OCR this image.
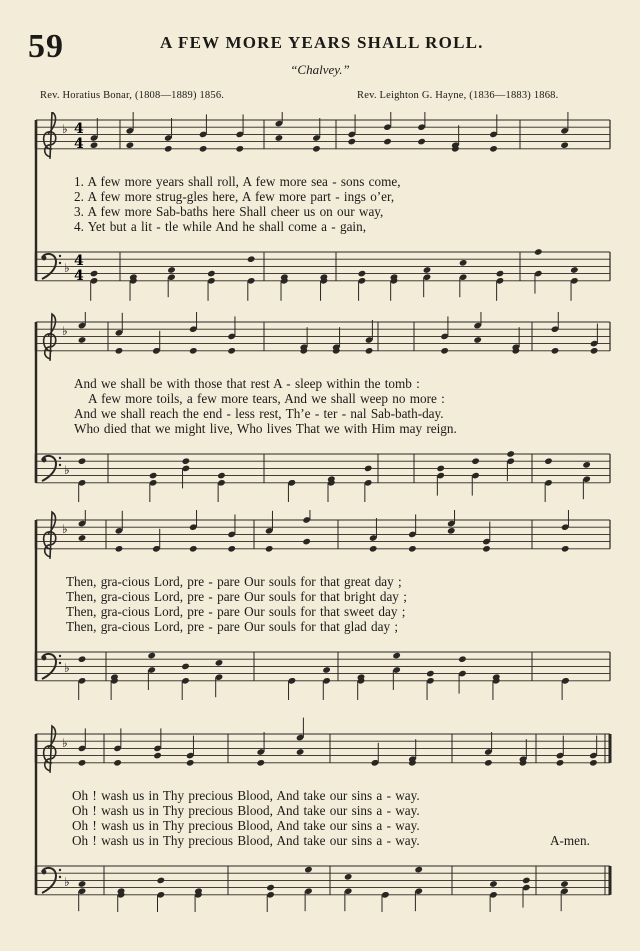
59	A FEW MORE YEARS SHALL ROLL.
“Chalvey.”
Rev. Horatius Bonar, (1808—1889) 1856.	Rev. Leighton G. Hayne, (1836—1883) 1868.
♭ 4
4
♭ 4
4
1. A few more years shall roll, A few more sea - sons come,
2. A few more strug-gles here, A few more part - ings o’er,
3. A few more Sab-baths here Shall cheer us on our way,
4. Yet but a lit - tle while And he shall come a - gain,
♭
♭
And we shall be with those that rest A - sleep within the tomb :
A few more toils, a few more tears, And we shall weep no more :
And we shall reach the end - less rest, Th’e - ter - nal Sab-bath-day.
Who died that we might live, Who lives That we with Him may reign.
♭
♭
Then, gra-cious Lord, pre - pare Our souls for that great day ;
Then, gra-cious Lord, pre - pare Our souls for that bright day ;
Then, gra-cious Lord, pre - pare Our souls for that sweet day ;
Then, gra-cious Lord, pre - pare Our souls for that glad day ;
♭
♭
Oh ! wash us in Thy precious Blood, And take our sins a - way.
Oh ! wash us in Thy precious Blood, And take our sins a - way.
Oh ! wash us in Thy precious Blood, And take our sins a - way.
Oh ! wash us in Thy precious Blood, And take our sins a - way.	A-men.
